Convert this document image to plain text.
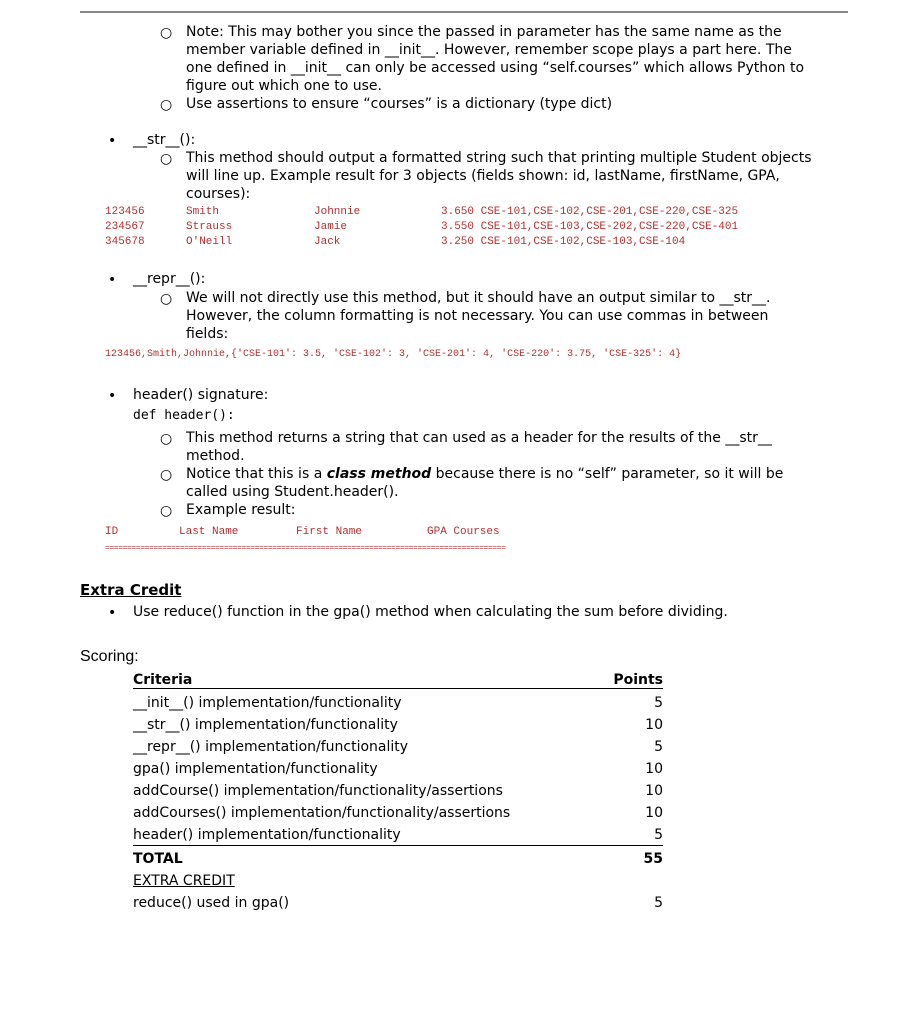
○ Note: This may bother you since the passed in parameter has the same name as the
member variable defined in __init__. However, remember scope plays a part here. The
one defined in __init__ can only be accessed using “self.courses” which allows Python to
figure out which one to use.
○ Use assertions to ensure “courses” is a dictionary (type dict)
• __str__():
○ This method should output a formatted string such that printing multiple Student objects
will line up. Example result for 3 objects (fields shown: id, lastName, firstName, GPA,
courses):
123456	Smith	Johnnie	3.650 CSE-101,CSE-102,CSE-201,CSE-220,CSE-325
234567	Strauss	Jamie	3.550 CSE-101,CSE-103,CSE-202,CSE-220,CSE-401
345678	O'Neill	Jack	3.250 CSE-101,CSE-102,CSE-103,CSE-104
• __repr__():
○ We will not directly use this method, but it should have an output similar to __str__.
However, the column formatting is not necessary. You can use commas in between
fields:
123456,Smith,Johnnie,{'CSE-101': 3.5, 'CSE-102': 3, 'CSE-201': 4, 'CSE-220': 3.75, 'CSE-325': 4}
• header() signature:
def header():
○ This method returns a string that can used as a header for the results of the __str__
method.
○ Notice that this is a class method because there is no “self” parameter, so it will be
called using Student.header().
○ Example result:
ID	Last Name	First Name	GPA Courses
===========================================================================================
Extra Credit
• Use reduce() function in the gpa() method when calculating the sum before dividing.
Scoring:
Criteria	Points
__init__() implementation/functionality	5
__str__() implementation/functionality	10
__repr__() implementation/functionality	5
gpa() implementation/functionality	10
addCourse() implementation/functionality/assertions	10
addCourses() implementation/functionality/assertions	10
header() implementation/functionality	5
TOTAL	55
EXTRA CREDIT
reduce() used in gpa()	5
